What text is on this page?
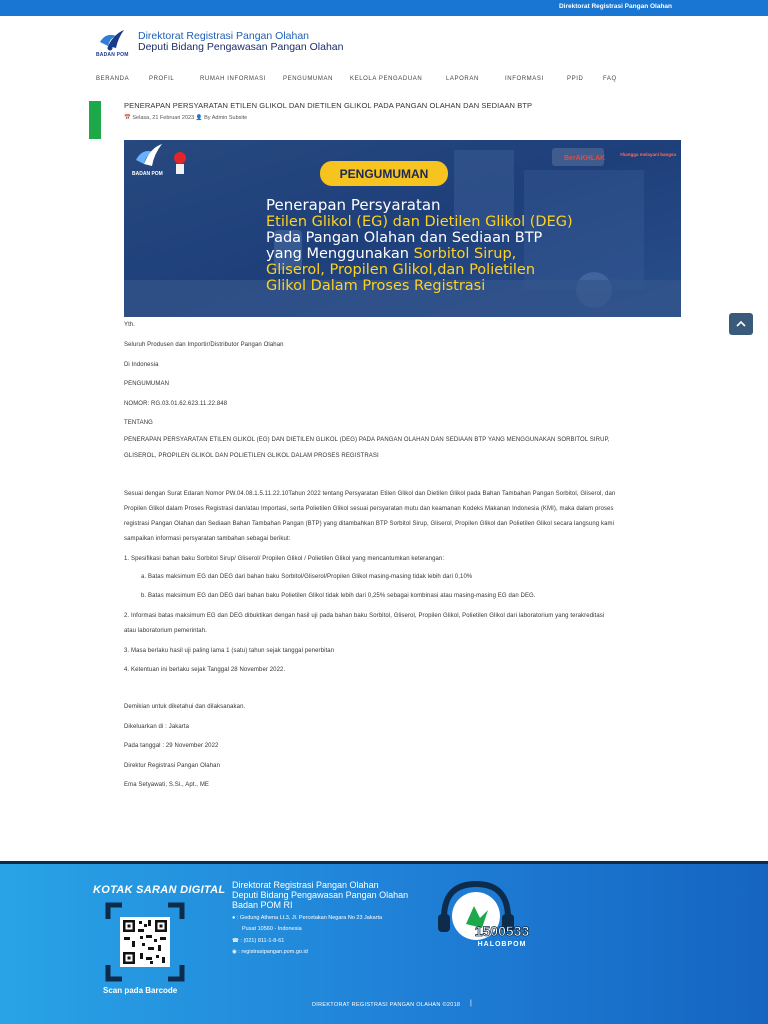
Direktorat Registrasi Pangan Olahan
BADAN POM
Direktorat Registrasi Pangan Olahan
Deputi Bidang Pengawasan Pangan Olahan
BERANDA	PROFIL	RUMAH INFORMASI	PENGUMUMAN	KELOLA PENGADUAN	LAPORAN	INFORMASI	PPID	FAQ
PENERAPAN PERSYARATAN ETILEN GLIKOL DAN DIETILEN GLIKOL PADA PANGAN OLAHAN DAN SEDIAAN BTP
📅 Selasa, 21 Februari 2023 👤 By Admin Subsite
BADAN POM
BerAKHLAK
#bangga melayani bangsa
PENGUMUMAN
Penerapan Persyaratan
Etilen Glikol (EG) dan Dietilen Glikol (DEG)
Pada Pangan Olahan dan Sediaan BTP
yang Menggunakan Sorbitol Sirup,
Gliserol, Propilen Glikol,dan Polietilen
Glikol Dalam Proses Registrasi
Yth.
Seluruh Produsen dan Importir/Distributor Pangan Olahan
Di Indonesia
PENGUMUMAN
NOMOR: RG.03.01.62.623.11.22.848
TENTANG
PENERAPAN PERSYARATAN ETILEN GLIKOL (EG) DAN DIETILEN GLIKOL (DEG) PADA PANGAN OLAHAN DAN SEDIAAN BTP YANG MENGGUNAKAN SORBITOL SIRUP,
GLISEROL, PROPILEN GLIKOL DAN POLIETILEN GLIKOL DALAM PROSES REGISTRASI
Sesuai dengan Surat Edaran Nomor PW.04.08.1.5.11.22.10Tahun 2022 tentang Persyaratan Etilen Glikol dan Dietilen Glikol pada Bahan Tambahan Pangan Sorbitol, Gliserol, dan
Propilen Glikol dalam Proses Registrasi dan/atau Importasi, serta Polietilen Glikol sesuai persyaratan mutu dan keamanan Kodeks Makanan Indonesia (KMI), maka dalam proses
registrasi Pangan Olahan dan Sediaan Bahan Tambahan Pangan (BTP) yang ditambahkan BTP Sorbitol Sirup, Gliserol, Propilen Glikol dan Polietilen Glikol secara langsung kami
sampaikan informasi persyaratan tambahan sebagai berikut:
1. Spesifikasi bahan baku Sorbitol Sirup/ Gliserol/ Propilen Glikol / Polietilen Glikol yang mencantumkan keterangan:
a. Batas maksimum EG dan DEG dari bahan baku Sorbitol/Gliserol/Propilen Glikol masing-masing tidak lebih dari 0,10%
b. Batas maksimum EG dan DEG dari bahan baku Polietilen Glikol tidak lebih dari 0,25% sebagai kombinasi atau masing-masing EG dan DEG.
2. Informasi batas maksimum EG dan DEG dibuktikan dengan hasil uji pada bahan baku Sorbitol, Gliserol, Propilen Glikol, Polietilen Glikol dari laboratorium yang terakreditasi
atau laboratorium pemerintah.
3. Masa berlaku hasil uji paling lama 1 (satu) tahun sejak tanggal penerbitan
4. Ketentuan ini berlaku sejak Tanggal 28 November 2022.
Demikian untuk diketahui dan dilaksanakan.
Dikeluarkan di : Jakarta
Pada tanggal : 29 November 2022
Direktur Registrasi Pangan Olahan
Ema Setyawati, S.Si., Apt., ME
KOTAK SARAN DIGITAL
Scan pada Barcode
Direktorat Registrasi Pangan Olahan
Deputi Bidang Pengawasan Pangan Olahan
Badan POM RI
● : Gedung Athena Lt.3, Jl. Percetakan Negara No 23 Jakarta
Pusat 10560 - Indonesia
☎ : (021) 811-1-8-61
◉ : registrasipangan.pom.go.id
1500533
HALOBPOM
DIREKTORAT REGISTRASI PANGAN OLAHAN ©2018 |
